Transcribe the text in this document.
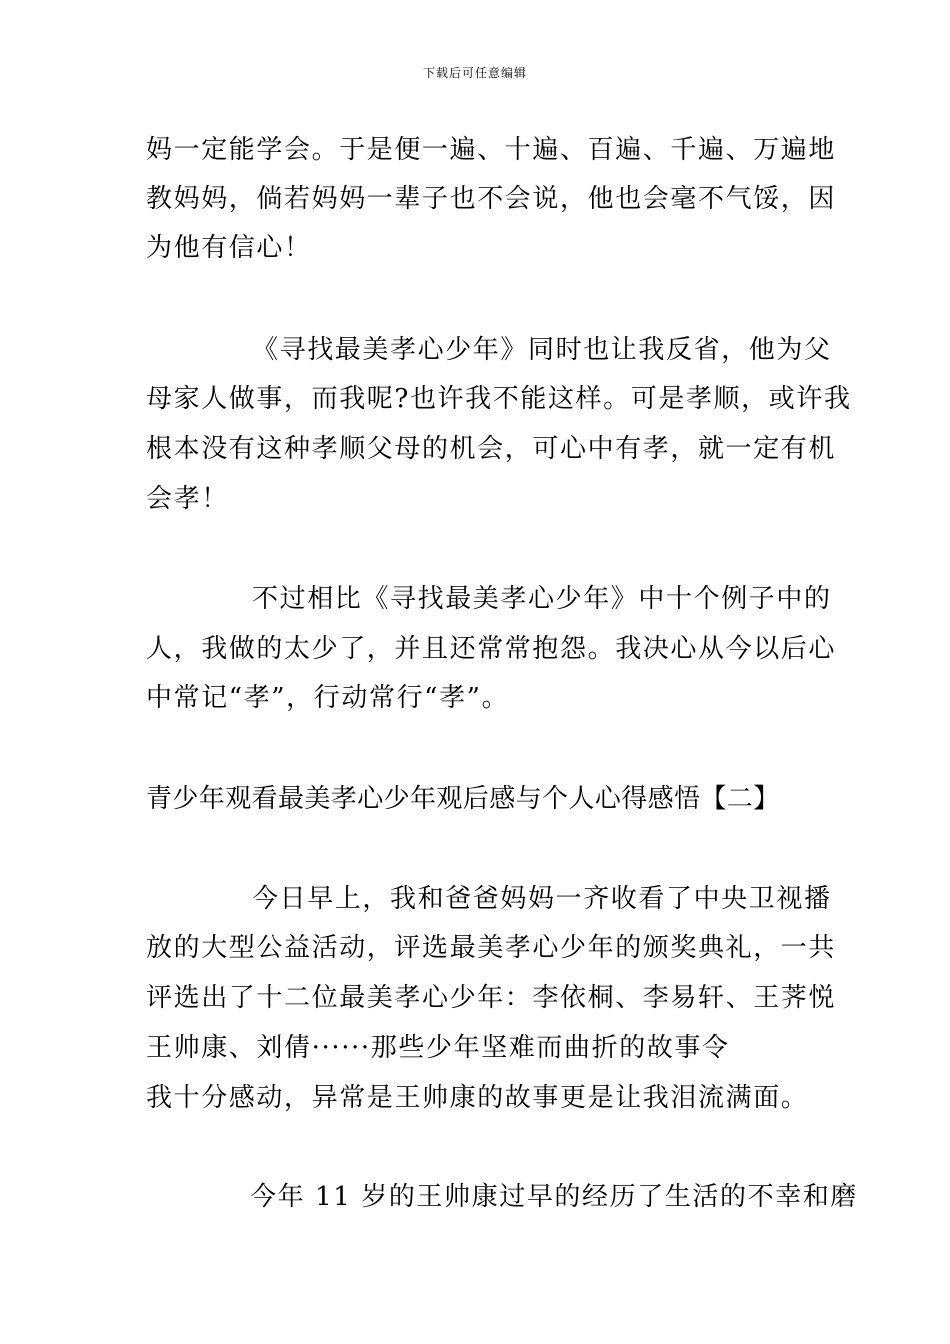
下载后可任意编辑
妈一定能学会。于是便一遍、十遍、百遍、千遍、万遍地
教妈妈，倘若妈妈一辈子也不会说，他也会毫不气馁，因
为他有信心！
《寻找最美孝心少年》同时也让我反省，他为父
母家人做事，而我呢?也许我不能这样。可是孝顺，或许我
根本没有这种孝顺父母的机会，可心中有孝，就一定有机
会孝！
不过相比《寻找最美孝心少年》中十个例子中的
人，我做的太少了，并且还常常抱怨。我决心从今以后心
中常记“孝”，行动常行“孝”。
青少年观看最美孝心少年观后感与个人心得感悟【二】
今日早上，我和爸爸妈妈一齐收看了中央卫视播
放的大型公益活动，评选最美孝心少年的颁奖典礼，一共
评选出了十二位最美孝心少年：李依桐、李易轩、王荠悦
王帅康、刘倩······那些少年坚难而曲折的故事令
我十分感动，异常是王帅康的故事更是让我泪流满面。
今年 11 岁的王帅康过早的经历了生活的不幸和磨
